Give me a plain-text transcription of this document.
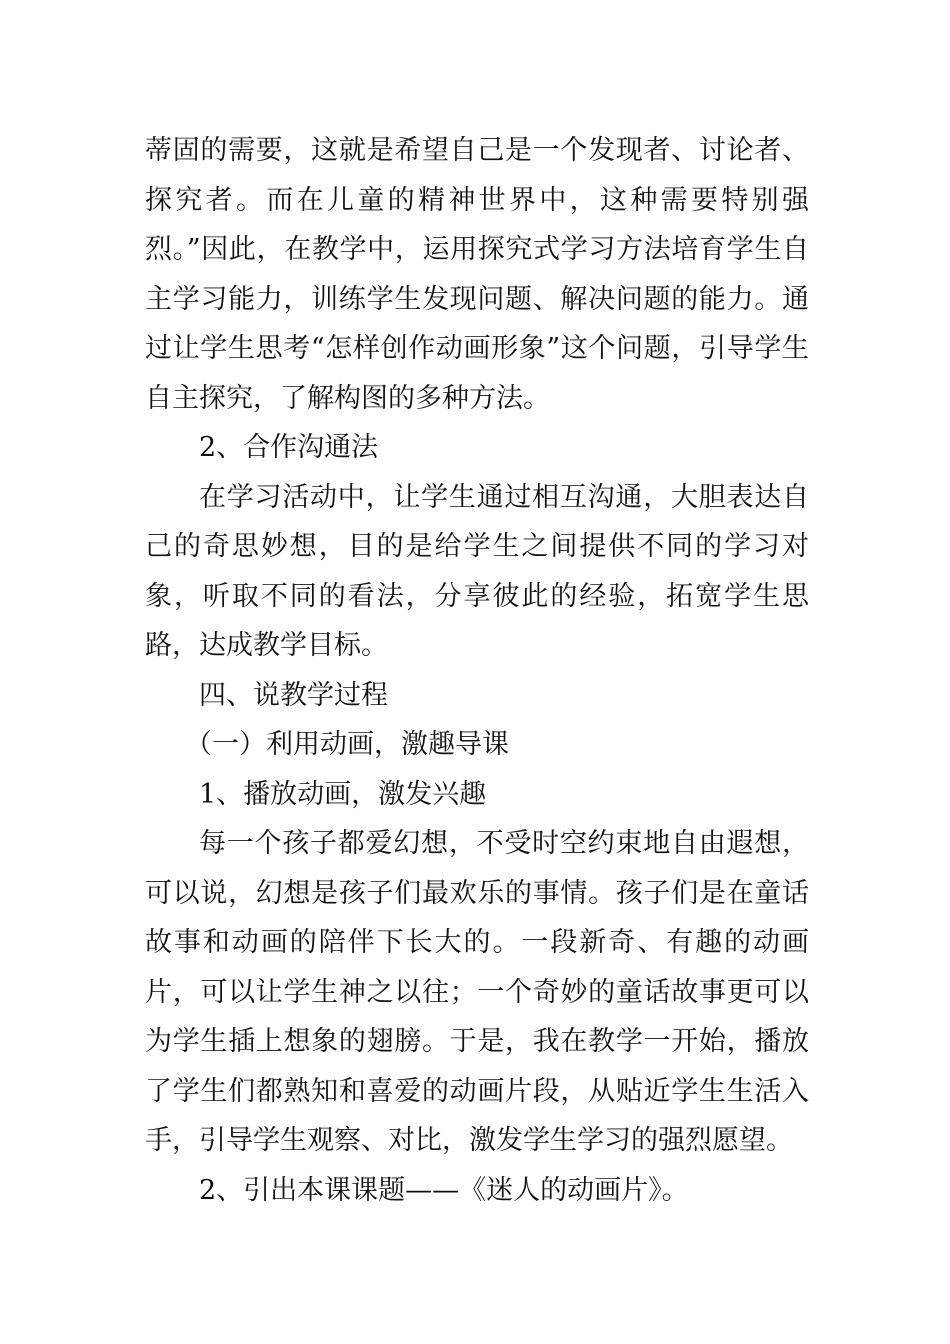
蒂固的需要，这就是希望自己是一个发现者、讨论者、探究者。而在儿童的精神世界中，这种需要特别强烈。”因此，在教学中，运用探究式学习方法培育学生自主学习能力，训练学生发现问题、解决问题的能力。通过让学生思考“怎样创作动画形象”这个问题，引导学生自主探究，了解构图的多种方法。

2、合作沟通法

在学习活动中，让学生通过相互沟通，大胆表达自己的奇思妙想，目的是给学生之间提供不同的学习对象，听取不同的看法，分享彼此的经验，拓宽学生思路，达成教学目标。

四、说教学过程

（一）利用动画，激趣导课

1、播放动画，激发兴趣

每一个孩子都爱幻想，不受时空约束地自由遐想，可以说，幻想是孩子们最欢乐的事情。孩子们是在童话故事和动画的陪伴下长大的。一段新奇、有趣的动画片，可以让学生神之以往；一个奇妙的童话故事更可以为学生插上想象的翅膀。于是，我在教学一开始，播放了学生们都熟知和喜爱的动画片段，从贴近学生生活入手，引导学生观察、对比，激发学生学习的强烈愿望。

2、引出本课课题——《迷人的动画片》。
